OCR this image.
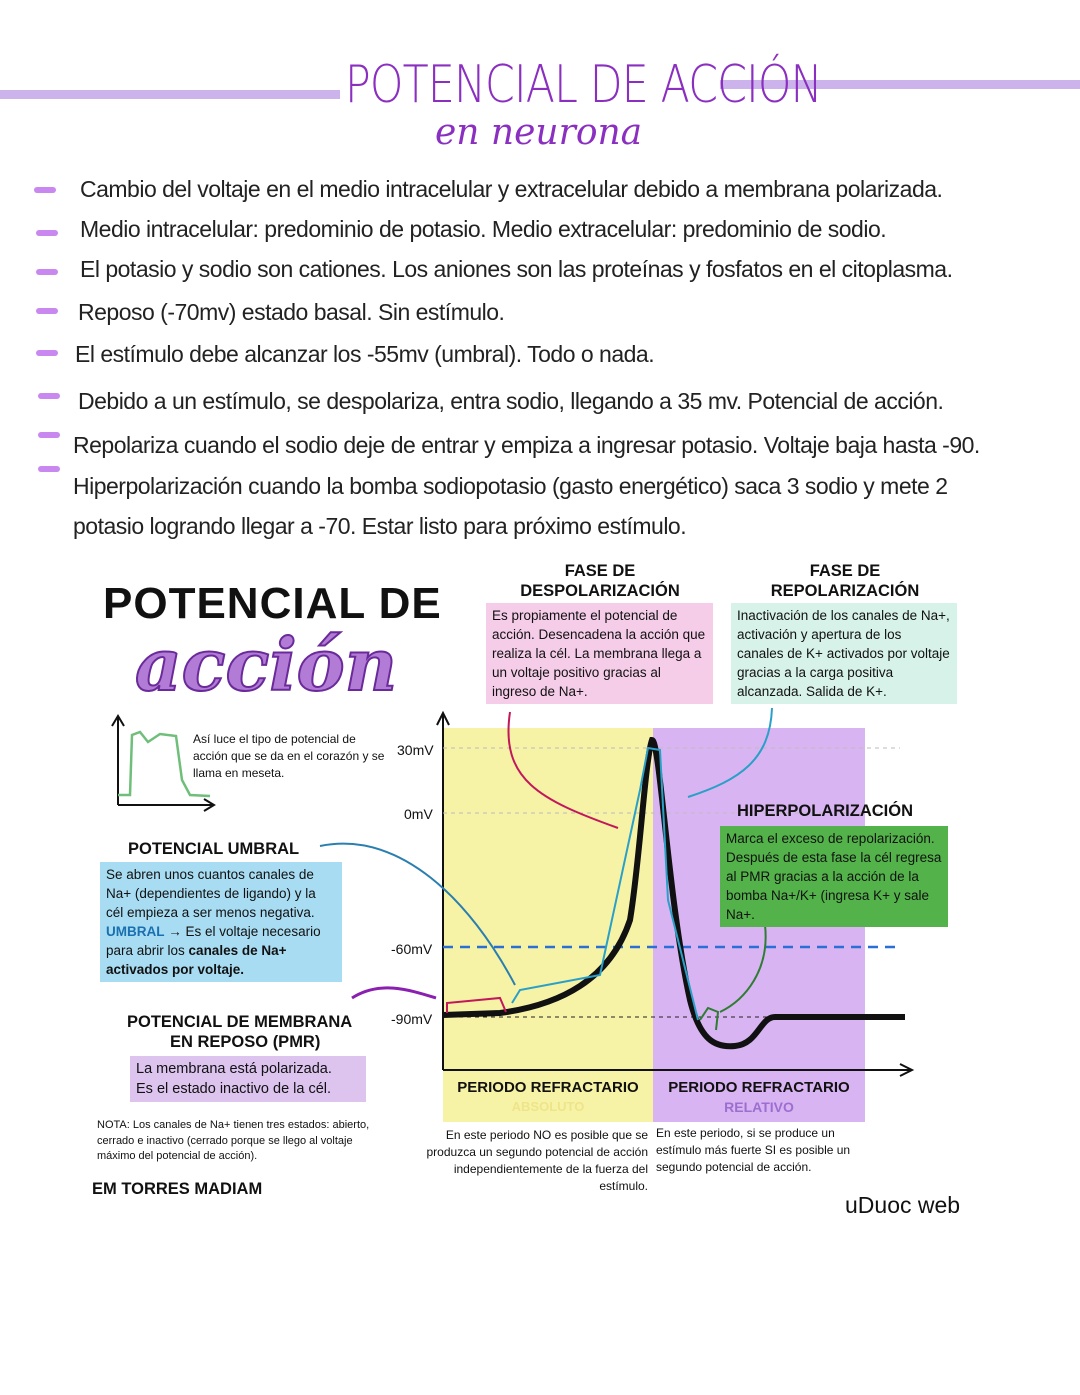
POTENCIAL DE ACCIÓN
en neurona
Cambio del voltaje en el medio intracelular y extracelular debido a membrana polarizada.
Medio intracelular: predominio de potasio. Medio extracelular: predominio de sodio.
El potasio y sodio son cationes. Los aniones son las proteínas y fosfatos en el citoplasma.
Reposo (-70mv) estado basal. Sin estímulo.
El estímulo debe alcanzar los -55mv (umbral). Todo o nada.
Debido a un estímulo, se despolariza, entra sodio, llegando a 35 mv. Potencial de acción.
Repolariza cuando el sodio deje de entrar y empiza a ingresar potasio. Voltaje baja hasta -90.
Hiperpolarización cuando la bomba sodiopotasio (gasto energético) saca 3 sodio y mete 2
potasio logrando llegar a -70. Estar listo para próximo estímulo.
POTENCIAL DE
acción
Así luce el tipo de potencial de acción que se da en el corazón y se llama en meseta.
30mV
0mV
-60mV
-90mV
POTENCIAL UMBRAL
Se abren unos cuantos canales de Na+ (dependientes de ligando) y la cél empieza a ser menos negativa. UMBRAL → Es el voltaje necesario para abrir los canales de Na+ activados por voltaje.
POTENCIAL DE MEMBRANA
EN REPOSO (PMR)
La membrana está polarizada.
Es el estado inactivo de la cél.
NOTA: Los canales de Na+ tienen tres estados: abierto, cerrado e inactivo (cerrado porque se llego al voltaje máximo del potencial de acción).
EM TORRES MADIAM
FASE DE
DESPOLARIZACIÓN
Es propiamente el potencial de acción. Desencadena la acción que realiza la cél. La membrana llega a un voltaje positivo gracias al ingreso de Na+.
FASE DE
REPOLARIZACIÓN
Inactivación de los canales de Na+, activación y apertura de los canales de K+ activados por voltaje gracias a la carga positiva alcanzada. Salida de K+.
HIPERPOLARIZACIÓN
Marca el exceso de repolarización. Después de esta fase la cél regresa al PMR gracias a la acción de la bomba Na+/K+ (ingresa K+ y sale Na+.
PERIODO REFRACTARIO
ABSOLUTO
PERIODO REFRACTARIO
RELATIVO
En este periodo NO es posible que se produzca un segundo potencial de acción independientemente de la fuerza del estímulo.
En este periodo, si se produce un estímulo más fuerte SI es posible un segundo potencial de acción.
uDuoc web
